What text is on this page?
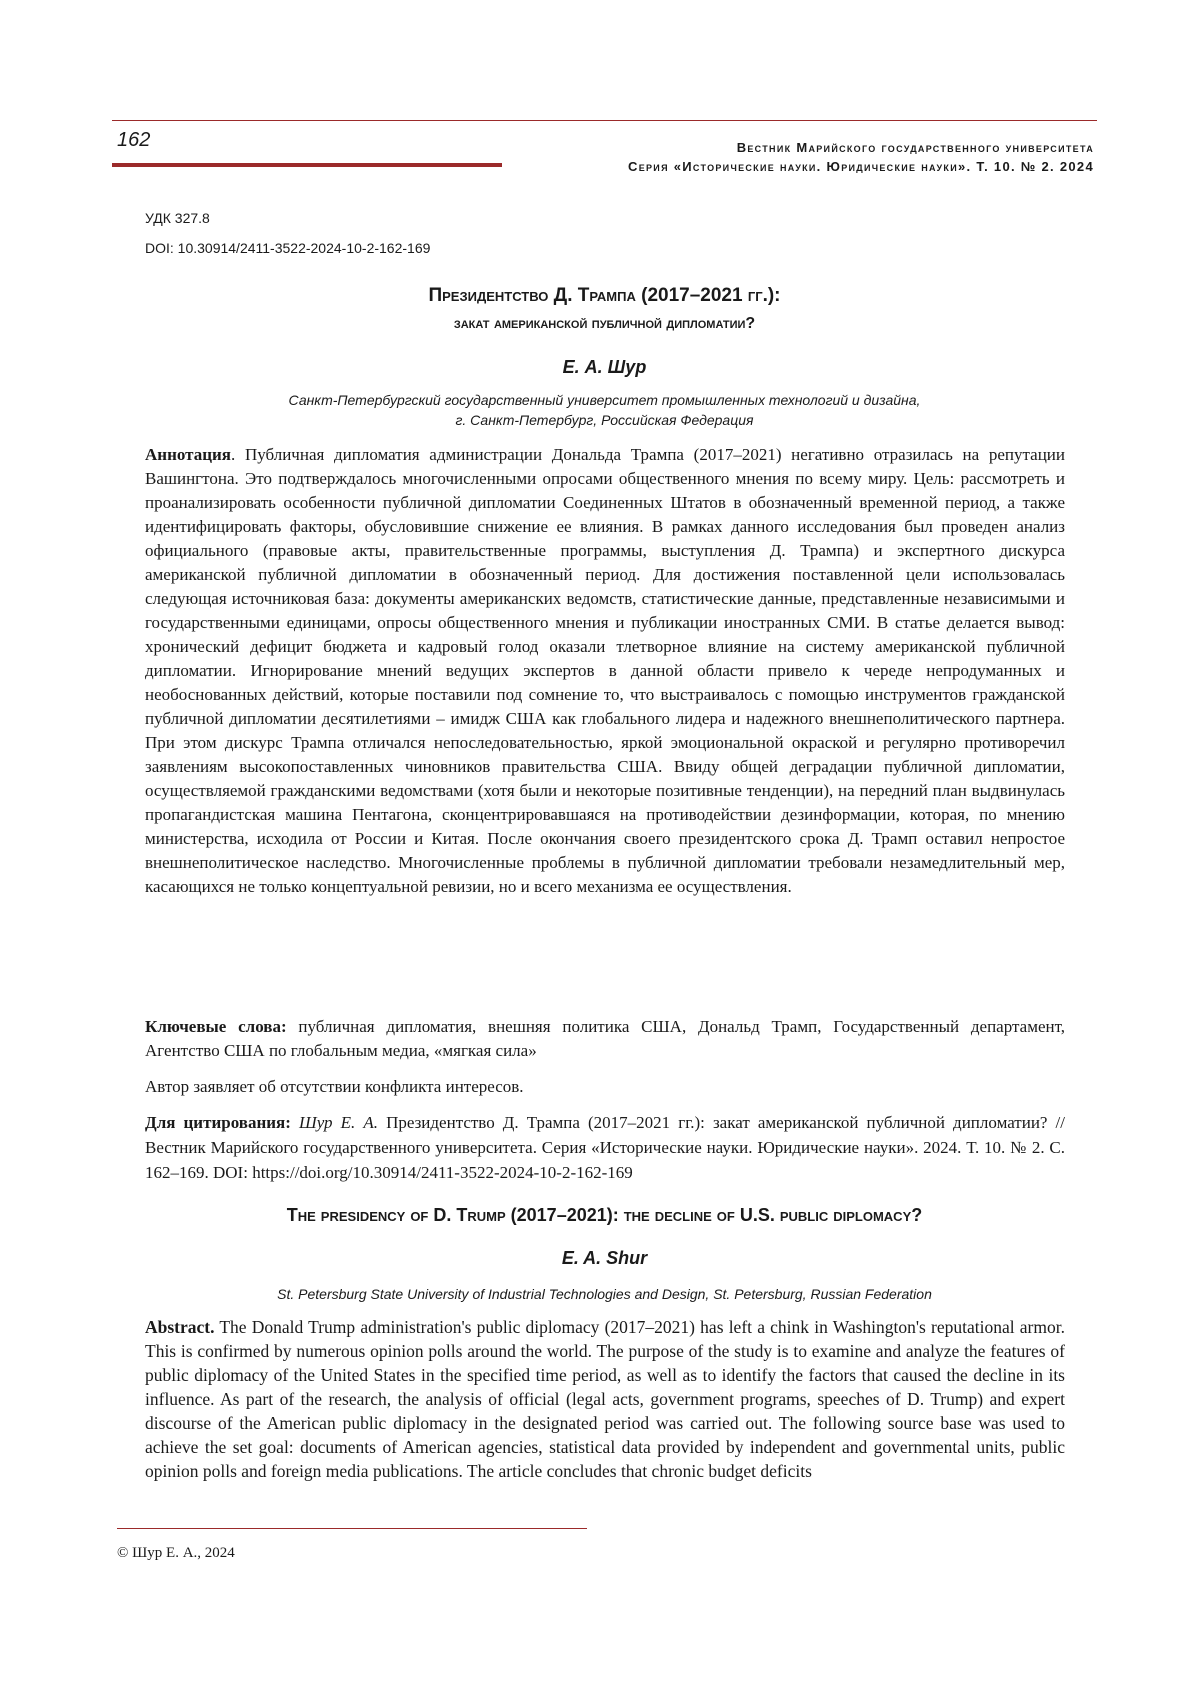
162	Вестник Марийского государственного университета
Серия «Исторические науки. Юридические науки». Т. 10. № 2. 2024
УДК 327.8
DOI: 10.30914/2411-3522-2024-10-2-162-169
Президентство Д. Трампа (2017–2021 гг.):
закат американской публичной дипломатии?
Е. А. Шур
Санкт-Петербургский государственный университет промышленных технологий и дизайна,
г. Санкт-Петербург, Российская Федерация
Аннотация. Публичная дипломатия администрации Дональда Трампа (2017–2021) негативно отразилась на репутации Вашингтона. Это подтверждалось многочисленными опросами общественного мнения по всему миру. Цель: рассмотреть и проанализировать особенности публичной дипломатии Соединенных Штатов в обозначенный временной период, а также идентифицировать факторы, обусловившие снижение ее влияния. В рамках данного исследования был проведен анализ официального (правовые акты, правительственные программы, выступления Д. Трампа) и экспертного дискурса американской публичной дипломатии в обозначенный период. Для достижения поставленной цели использовалась следующая источниковая база: документы американских ведомств, статистические данные, представленные независимыми и государственными единицами, опросы общественного мнения и публикации иностранных СМИ. В статье делается вывод: хронический дефицит бюджета и кадровый голод оказали тлетворное влияние на систему американской публичной дипломатии. Игнорирование мнений ведущих экспертов в данной области привело к череде непродуманных и необоснованных действий, которые поставили под сомнение то, что выстраивалось с помощью инструментов гражданской публичной дипломатии десятилетиями – имидж США как глобального лидера и надежного внешнеполитического партнера. При этом дискурс Трампа отличался непоследовательностью, яркой эмоциональной окраской и регулярно противоречил заявлениям высокопоставленных чиновников правительства США. Ввиду общей деградации публичной дипломатии, осуществляемой гражданскими ведомствами (хотя были и некоторые позитивные тенденции), на передний план выдвинулась пропагандистская машина Пентагона, сконцентрировавшаяся на противодействии дезинформации, которая, по мнению министерства, исходила от России и Китая. После окончания своего президентского срока Д. Трамп оставил непростое внешнеполитическое наследство. Многочисленные проблемы в публичной дипломатии требовали незамедлительный мер, касающихся не только концептуальной ревизии, но и всего механизма ее осуществления.
Ключевые слова: публичная дипломатия, внешняя политика США, Дональд Трамп, Государственный департамент, Агентство США по глобальным медиа, «мягкая сила»
Автор заявляет об отсутствии конфликта интересов.
Для цитирования: Шур Е. А. Президентство Д. Трампа (2017–2021 гг.): закат американской публичной дипломатии? // Вестник Марийского государственного университета. Серия «Исторические науки. Юридические науки». 2024. Т. 10. № 2. С. 162–169. DOI: https://doi.org/10.30914/2411-3522-2024-10-2-162-169
The presidency of D. Trump (2017–2021): the decline of U.S. public diplomacy?
E. A. Shur
St. Petersburg State University of Industrial Technologies and Design, St. Petersburg, Russian Federation
Abstract. The Donald Trump administration's public diplomacy (2017–2021) has left a chink in Washington's reputational armor. This is confirmed by numerous opinion polls around the world. The purpose of the study is to examine and analyze the features of public diplomacy of the United States in the specified time period, as well as to identify the factors that caused the decline in its influence. As part of the research, the analysis of official (legal acts, government programs, speeches of D. Trump) and expert discourse of the American public diplomacy in the designated period was carried out. The following source base was used to achieve the set goal: documents of American agencies, statistical data provided by independent and governmental units, public opinion polls and foreign media publications. The article concludes that chronic budget deficits
© Шур Е. А., 2024
